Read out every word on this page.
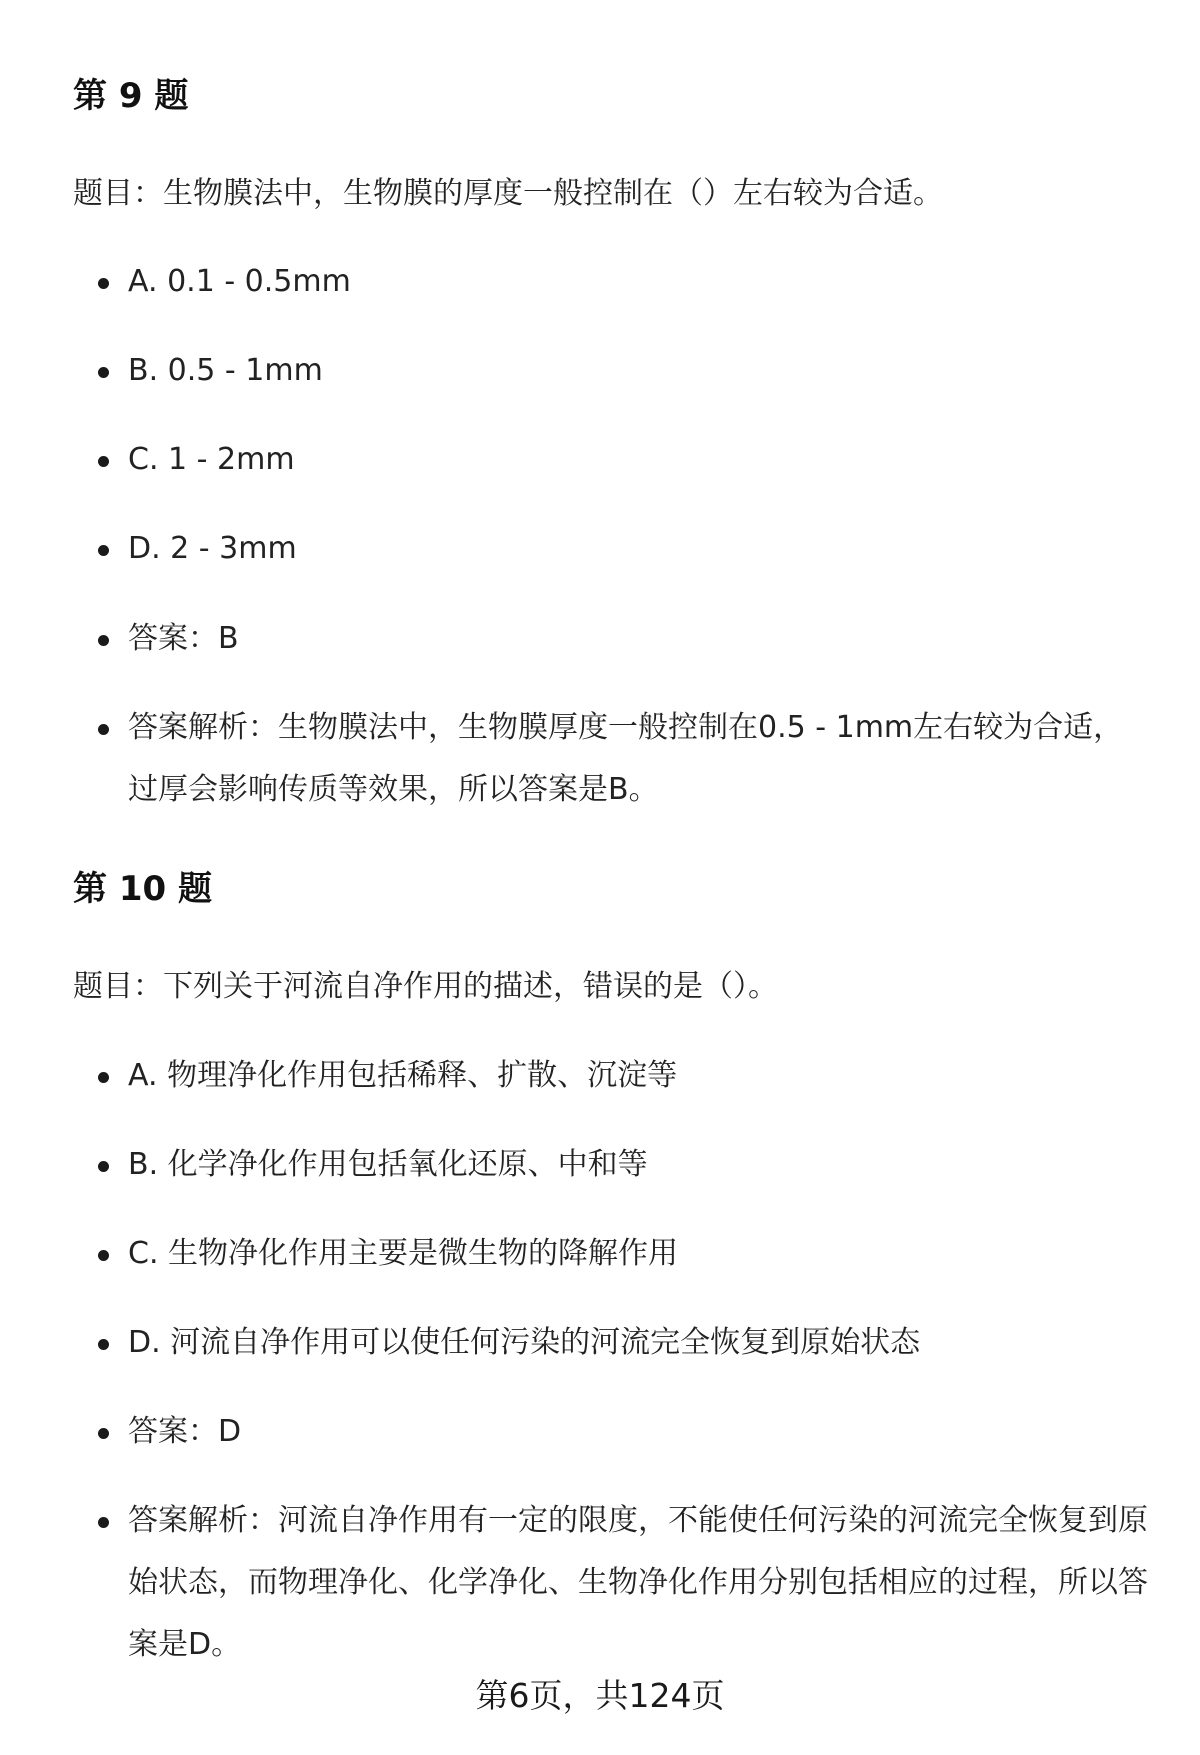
第 9 题

题目：生物膜法中，生物膜的厚度一般控制在（）左右较为合适。

A. 0.1 - 0.5mm

B. 0.5 - 1mm

C. 1 - 2mm

D. 2 - 3mm

答案：B

答案解析：生物膜法中，生物膜厚度一般控制在0.5 - 1mm左右较为合适，过厚会影响传质等效果，所以答案是B。

第 10 题

题目：下列关于河流自净作用的描述，错误的是（）。

A. 物理净化作用包括稀释、扩散、沉淀等

B. 化学净化作用包括氧化还原、中和等

C. 生物净化作用主要是微生物的降解作用

D. 河流自净作用可以使任何污染的河流完全恢复到原始状态

答案：D

答案解析：河流自净作用有一定的限度，不能使任何污染的河流完全恢复到原始状态，而物理净化、化学净化、生物净化作用分别包括相应的过程，所以答案是D。

第6页，共124页
